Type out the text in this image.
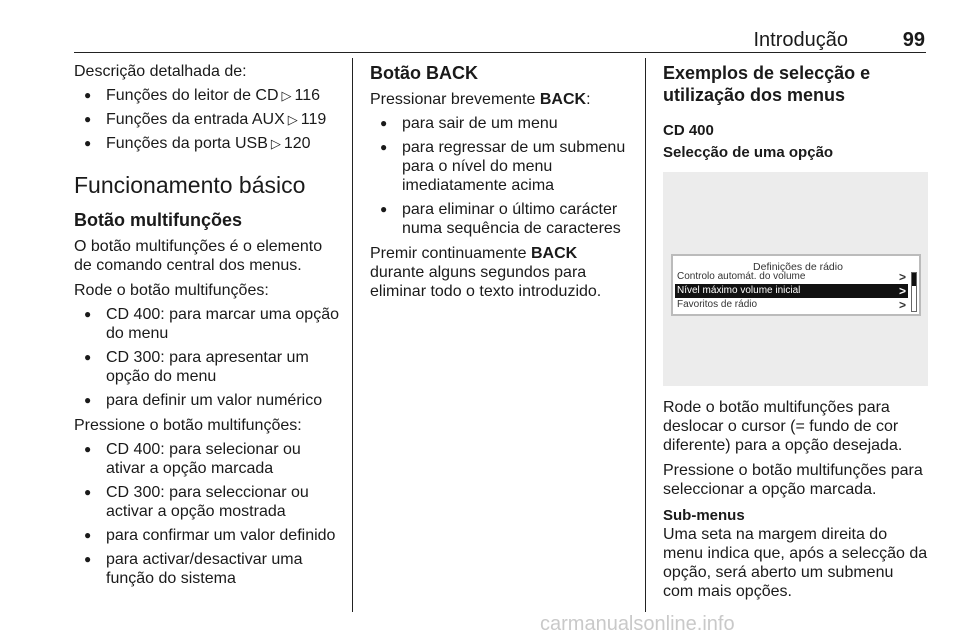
Introdução	99

Descrição detalhada de:

● Funções do leitor de CD ▷ 116
● Funções da entrada AUX ▷ 119
● Funções da porta USB ▷ 120
Funcionamento básico
Botão multifunções

O botão multifunções é o elemento de comando central dos menus.

Rode o botão multifunções:

● CD 400: para marcar uma opção do menu
● CD 300: para apresentar um opção do menu
● para definir um valor numérico

Pressione o botão multifunções:

● CD 400: para selecionar ou ativar a opção marcada
● CD 300: para seleccionar ou activar a opção mostrada
● para confirmar um valor definido
● para activar/desactivar uma função do sistema
Botão BACK

Pressionar brevemente BACK:

● para sair de um menu
● para regressar de um submenu para o nível do menu imediatamente acima
● para eliminar o último carácter numa sequência de caracteres

Premir continuamente BACK durante alguns segundos para eliminar todo o texto introduzido.

Exemplos de selecção e utilização dos menus
CD 400
Selecção de uma opção
Definições de rádio
Controlo automát. do volume	>
Nível máximo volume inicial	>
Favoritos de rádio	>

Rode o botão multifunções para deslocar o cursor (= fundo de cor diferente) para a opção desejada.

Pressione o botão multifunções para seleccionar a opção marcada.

Sub-menus

Uma seta na margem direita do menu indica que, após a selecção da opção, será aberto um submenu com mais opções.

carmanualsonline.info
